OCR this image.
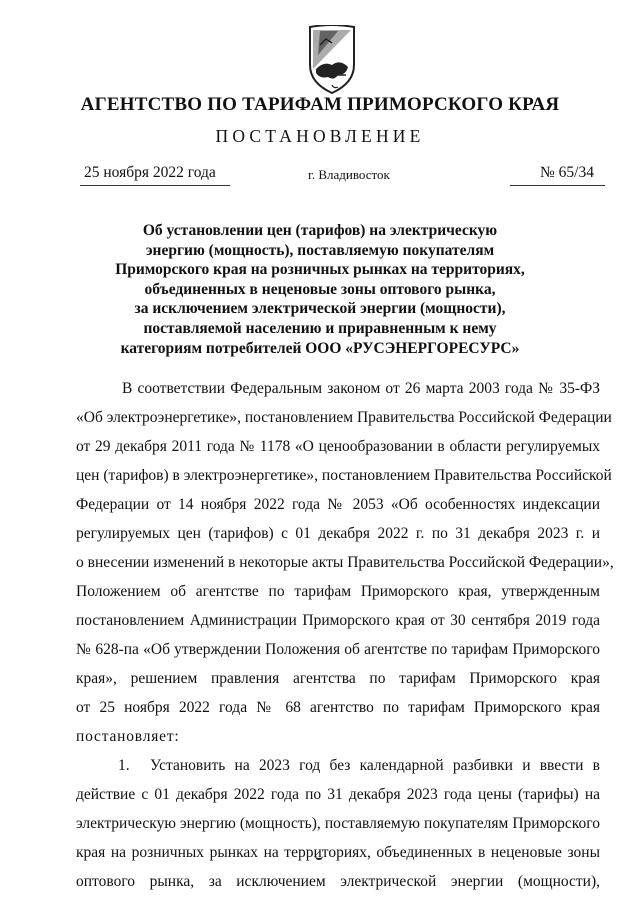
АГЕНТСТВО ПО ТАРИФАМ ПРИМОРСКОГО КРАЯ
ПОСТАНОВЛЕНИЕ
25 ноября 2022 года	г. Владивосток	№ 65/34
Об установлении цен (тарифов) на электрическую
энергию (мощность), поставляемую покупателям
Приморского края на розничных рынках на территориях,
объединенных в неценовые зоны оптового рынка,
за исключением электрической энергии (мощности),
поставляемой населению и приравненным к нему
категориям потребителей ООО «РУСЭНЕРГОРЕСУРС»
В соответствии Федеральным законом от 26 марта 2003 года № 35-ФЗ
«Об электроэнергетике», постановлением Правительства Российской Федерации
от 29 декабря 2011 года № 1178 «О ценообразовании в области регулируемых
цен (тарифов) в электроэнергетике», постановлением Правительства Российской
Федерации от 14 ноября 2022 года № 2053 «Об особенностях индексации
регулируемых цен (тарифов) с 01 декабря 2022 г. по 31 декабря 2023 г. и
о внесении изменений в некоторые акты Правительства Российской Федерации»,
Положением об агентстве по тарифам Приморского края, утвержденным
постановлением Администрации Приморского края от 30 сентября 2019 года
№ 628-па «Об утверждении Положения об агентстве по тарифам Приморского
края», решением правления агентства по тарифам Приморского края
от 25 ноября 2022 года № 68 агентство по тарифам Приморского края
постановляет:
1. Установить на 2023 год без календарной разбивки и ввести в
действие с 01 декабря 2022 года по 31 декабря 2023 года цены (тарифы) на
электрическую энергию (мощность), поставляемую покупателям Приморского
края на розничных рынках на территориях, объединенных в неценовые зоны
оптового рынка, за исключением электрической энергии (мощности),
